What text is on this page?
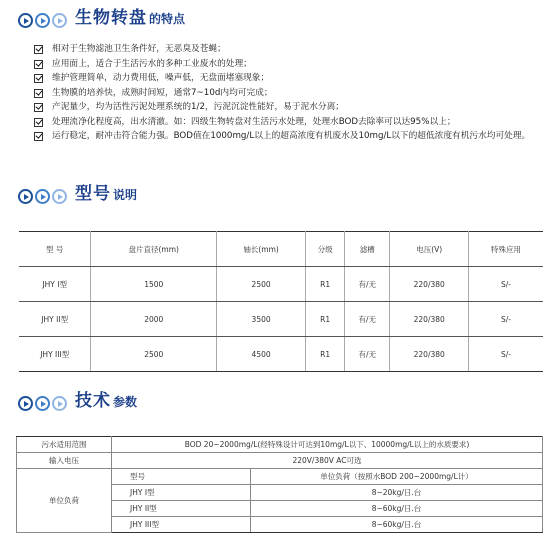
生物转盘 的特点
相对于生物滤池卫生条件好，无恶臭及苍蝇；
应用面上，适合于生活污水的多种工业废水的处理；
维护管理简单，动力费用低，噪声低，无盘面堵塞现象；
生物膜的培养快，成熟时间短，通常7~10d内均可完成；
产泥量少，均为活性污泥处理系统的1/2，污泥沉淀性能好，易于泥水分离；
处理流净化程度高，出水清澈。如：四级生物转盘对生活污水处理，处理水BOD去除率可以达95%以上；
运行稳定，耐冲击符合能力强。BOD值在1000mg/L以上的超高浓度有机废水及10mg/L以下的超低浓度有机污水均可处理。
型号 说明
型 号	盘片直径(mm)	轴长(mm)	分级	滤槽	电压(V)	特殊应用
JHY I型	1500	2500	R1	有/无	220/380	S/-
JHY II型	2000	3500	R1	有/无	220/380	S/-
JHY III型	2500	4500	R1	有/无	220/380	S/-
技术 参数
污水适用范围	BOD 20~2000mg/L(经特殊设计可达到10mg/L以下、10000mg/L以上的水质要求)	
输入电压	220V/380V AC可选	
单位负荷	型号	单位负荷（按照水BOD 200~2000mg/L计）
	JHY I型	8~20kg/日.台
	JHY II型	8~60kg/日.台
	JHY III型	8~60kg/日.台
